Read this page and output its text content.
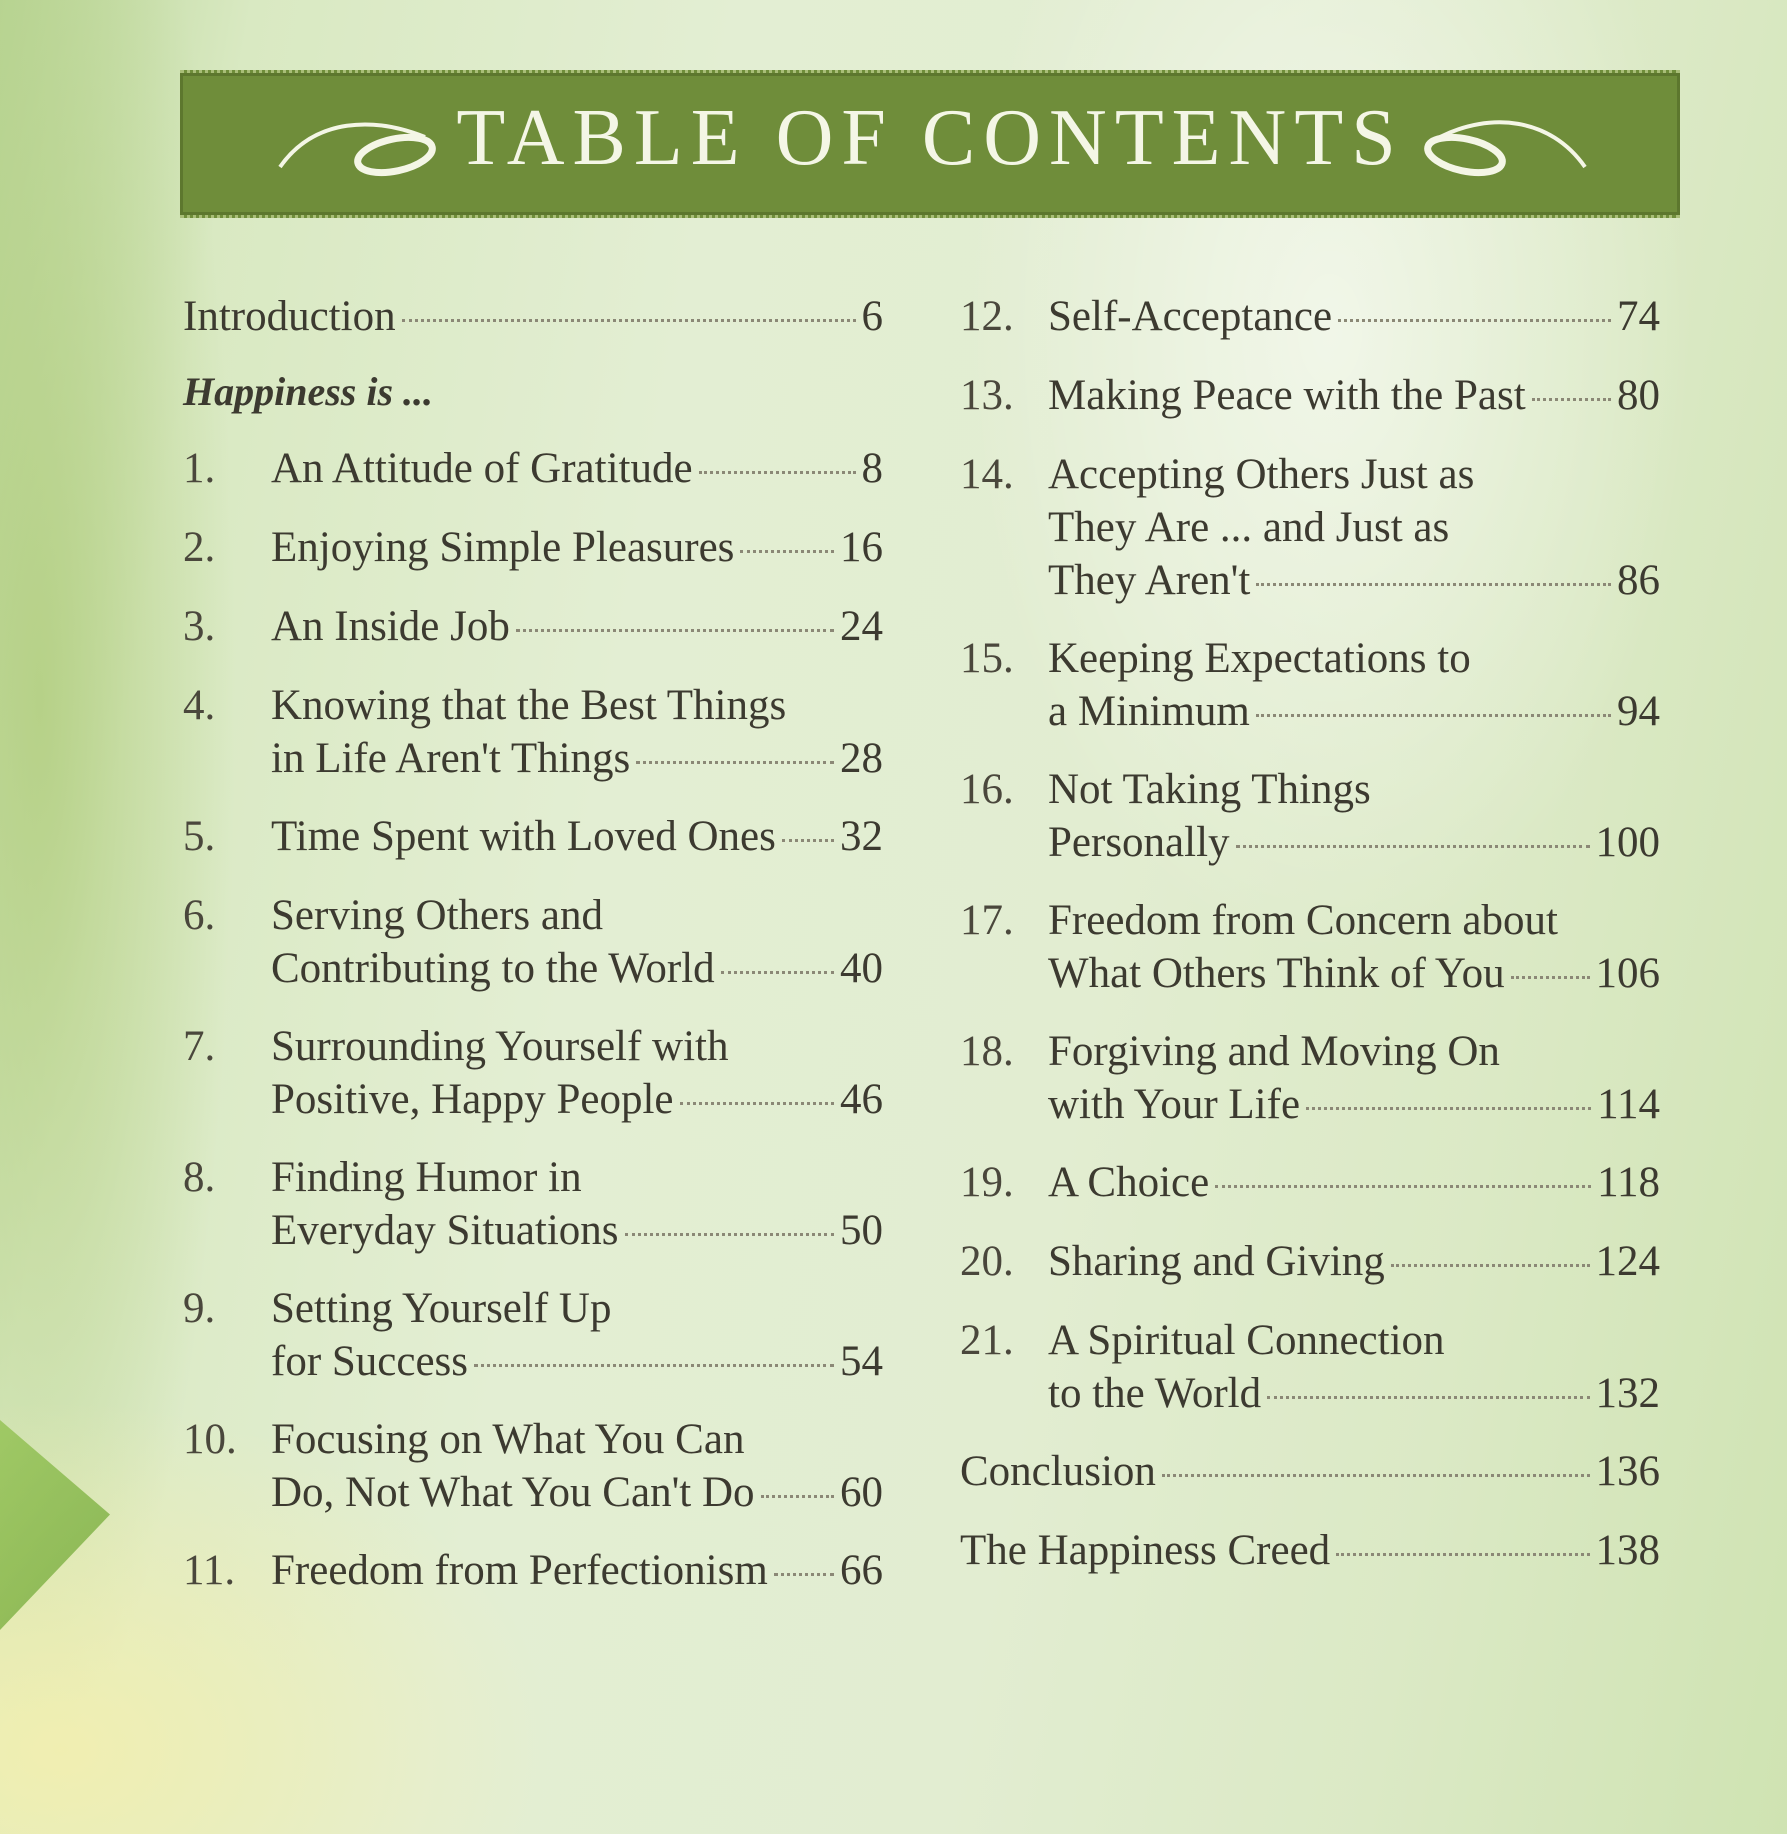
TABLE OF CONTENTS
Introduction	6
Happiness is ...
1. An Attitude of Gratitude	8
2. Enjoying Simple Pleasures 16
3. An Inside Job	24
4. Knowing that the Best Things
in Life Aren't Things	28
5. Time Spent with Loved Ones 32
6. Serving Others and
Contributing to the World	40
7. Surrounding Yourself with
Positive, Happy People	46
8. Finding Humor in
Everyday Situations	50
9. Setting Yourself Up
for Success	54
10. Focusing on What You Can
Do, Not What You Can't Do 60
11. Freedom from Perfectionism 66
12. Self-Acceptance	74
13. Making Peace with the Past 80
14. Accepting Others Just as
They Are ... and Just as
They Aren't	86
15. Keeping Expectations to
a Minimum	94
16. Not Taking Things
Personally	100
17. Freedom from Concern about
What Others Think of You 106
18. Forgiving and Moving On
with Your Life	114
19. A Choice	118
20. Sharing and Giving	124
21. A Spiritual Connection
to the World	132
Conclusion	136
The Happiness Creed	138
